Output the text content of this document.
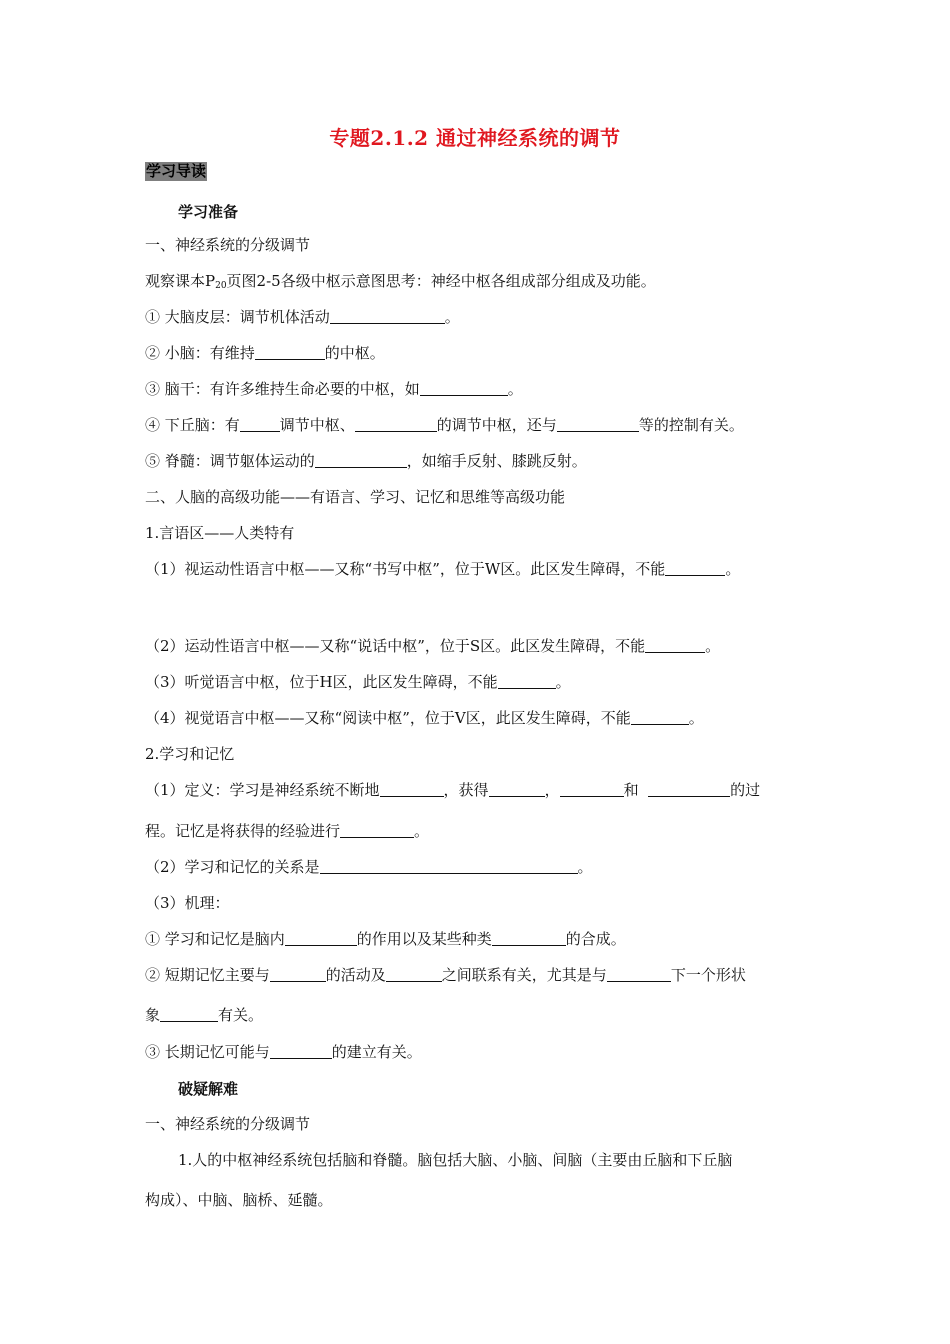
专题2.1.2 通过神经系统的调节
学习导读
学习准备
一、神经系统的分级调节
观察课本$P_{20}$页图2-5各级中枢示意图思考：神经中枢各组成部分组成及功能。
① 大脑皮层：调节机体活动	。
② 小脑：有维持	的中枢。
③ 脑干：有许多维持生命必要的中枢，如	。
④ 下丘脑：有	调节中枢、	的调节中枢，还与	等的控制有关。
⑤ 脊髓：调节躯体运动的	，如缩手反射、膝跳反射。
二、人脑的高级功能——有语言、学习、记忆和思维等高级功能
1.言语区——人类特有
（1）视运动性语言中枢——又称“书写中枢”，位于W区。此区发生障碍，不能	。
（2）运动性语言中枢——又称“说话中枢”，位于S区。此区发生障碍，不能	。
（3）听觉语言中枢，位于H区，此区发生障碍，不能	。
（4）视觉语言中枢——又称“阅读中枢”，位于V区，此区发生障碍，不能	。
2.学习和记忆
（1）定义：学习是神经系统不断地	，获得	，	和	的过
程。记忆是将获得的经验进行	。
（2）学习和记忆的关系是	。
（3）机理：
① 学习和记忆是脑内	的作用以及某些种类	的合成。
② 短期记忆主要与	的活动及	之间联系有关，尤其是与	下一个形状
象	有关。
③ 长期记忆可能与	的建立有关。
破疑解难
一、神经系统的分级调节
1.人的中枢神经系统包括脑和脊髓。脑包括大脑、小脑、间脑（主要由丘脑和下丘脑
构成）、中脑、脑桥、延髓。
